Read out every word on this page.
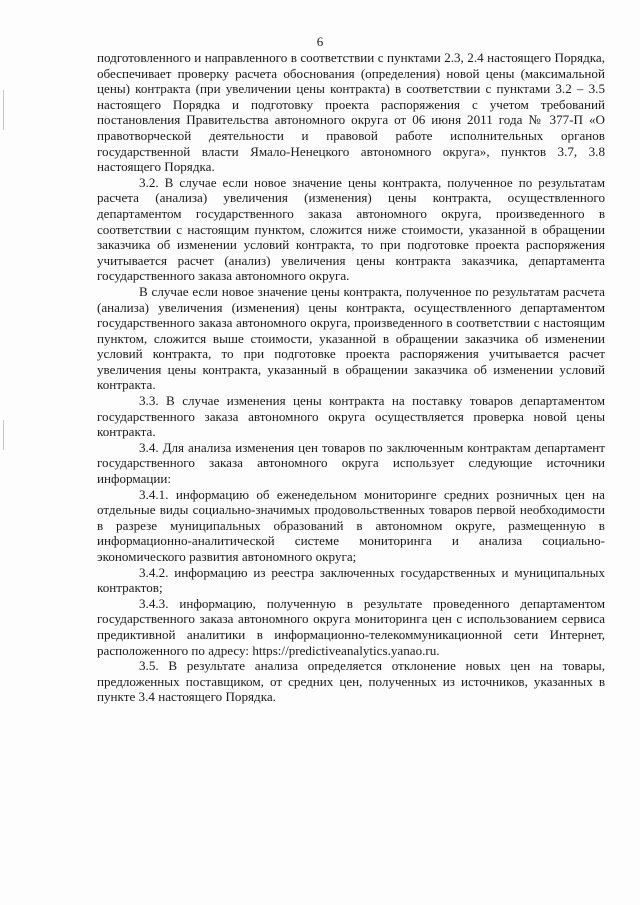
6

подготовленного и направленного в соответствии с пунктами 2.3, 2.4 настоящего Порядка, обеспечивает проверку расчета обоснования (определения) новой цены (максимальной цены) контракта (при увеличении цены контракта) в соответствии с пунктами 3.2 – 3.5 настоящего Порядка и подготовку проекта распоряжения с учетом требований постановления Правительства автономного округа от 06 июня 2011 года № 377-П «О правотворческой деятельности и правовой работе исполнительных органов государственной власти Ямало-Ненецкого автономного округа», пунктов 3.7, 3.8 настоящего Порядка.

3.2. В случае если новое значение цены контракта, полученное по результатам расчета (анализа) увеличения (изменения) цены контракта, осуществленного департаментом государственного заказа автономного округа, произведенного в соответствии с настоящим пунктом, сложится ниже стоимости, указанной в обращении заказчика об изменении условий контракта, то при подготовке проекта распоряжения учитывается расчет (анализ) увеличения цены контракта заказчика, департамента государственного заказа автономного округа.

В случае если новое значение цены контракта, полученное по результатам расчета (анализа) увеличения (изменения) цены контракта, осуществленного департаментом государственного заказа автономного округа, произведенного в соответствии с настоящим пунктом, сложится выше стоимости, указанной в обращении заказчика об изменении условий контракта, то при подготовке проекта распоряжения учитывается расчет увеличения цены контракта, указанный в обращении заказчика об изменении условий контракта.

3.3. В случае изменения цены контракта на поставку товаров департаментом государственного заказа автономного округа осуществляется проверка новой цены контракта.

3.4. Для анализа изменения цен товаров по заключенным контрактам департамент государственного заказа автономного округа использует следующие источники информации:

3.4.1. информацию об еженедельном мониторинге средних розничных цен на отдельные виды социально-значимых продовольственных товаров первой необходимости в разрезе муниципальных образований в автономном округе, размещенную в информационно-аналитической системе мониторинга и анализа социально-экономического развития автономного округа;

3.4.2. информацию из реестра заключенных государственных и муниципальных контрактов;

3.4.3. информацию, полученную в результате проведенного департаментом государственного заказа автономного округа мониторинга цен с использованием сервиса предиктивной аналитики в информационно-телекоммуникационной сети Интернет, расположенного по адресу: https://predictiveanalytics.yanao.ru.

3.5. В результате анализа определяется отклонение новых цен на товары, предложенных поставщиком, от средних цен, полученных из источников, указанных в пункте 3.4 настоящего Порядка.
